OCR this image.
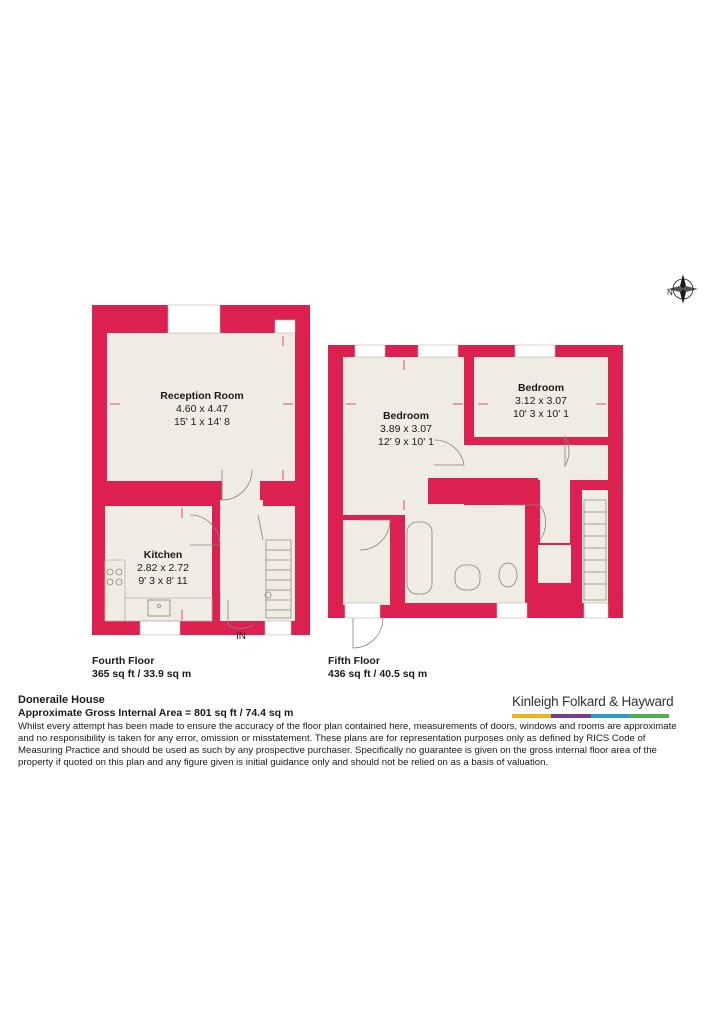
IN
Reception Room
4.60 x 4.47
15' 1 x 14' 8
Kitchen
2.82 x 2.72
9' 3 x 8' 11
Bedroom
3.89 x 3.07
12' 9 x 10' 1
Bedroom
3.12 x 3.07
10' 3 x 10' 1
N
Fourth Floor
365 sq ft / 33.9 sq m
Fifth Floor
436 sq ft / 40.5 sq m
Doneraile House
Approximate Gross Internal Area = 801 sq ft / 74.4 sq m
Whilst every attempt has been made to ensure the accuracy of the floor plan contained here, measurements of doors, windows and rooms are approximate and no responsibility is taken for any error, omission or misstatement. These plans are for representation purposes only as defined by RICS Code of Measuring Practice and should be used as such by any prospective purchaser. Specifically no guarantee is given on the gross internal floor area of the property if quoted on this plan and any figure given is initial guidance only and should not be relied on as a basis of valuation.
Kinleigh Folkard & Hayward
